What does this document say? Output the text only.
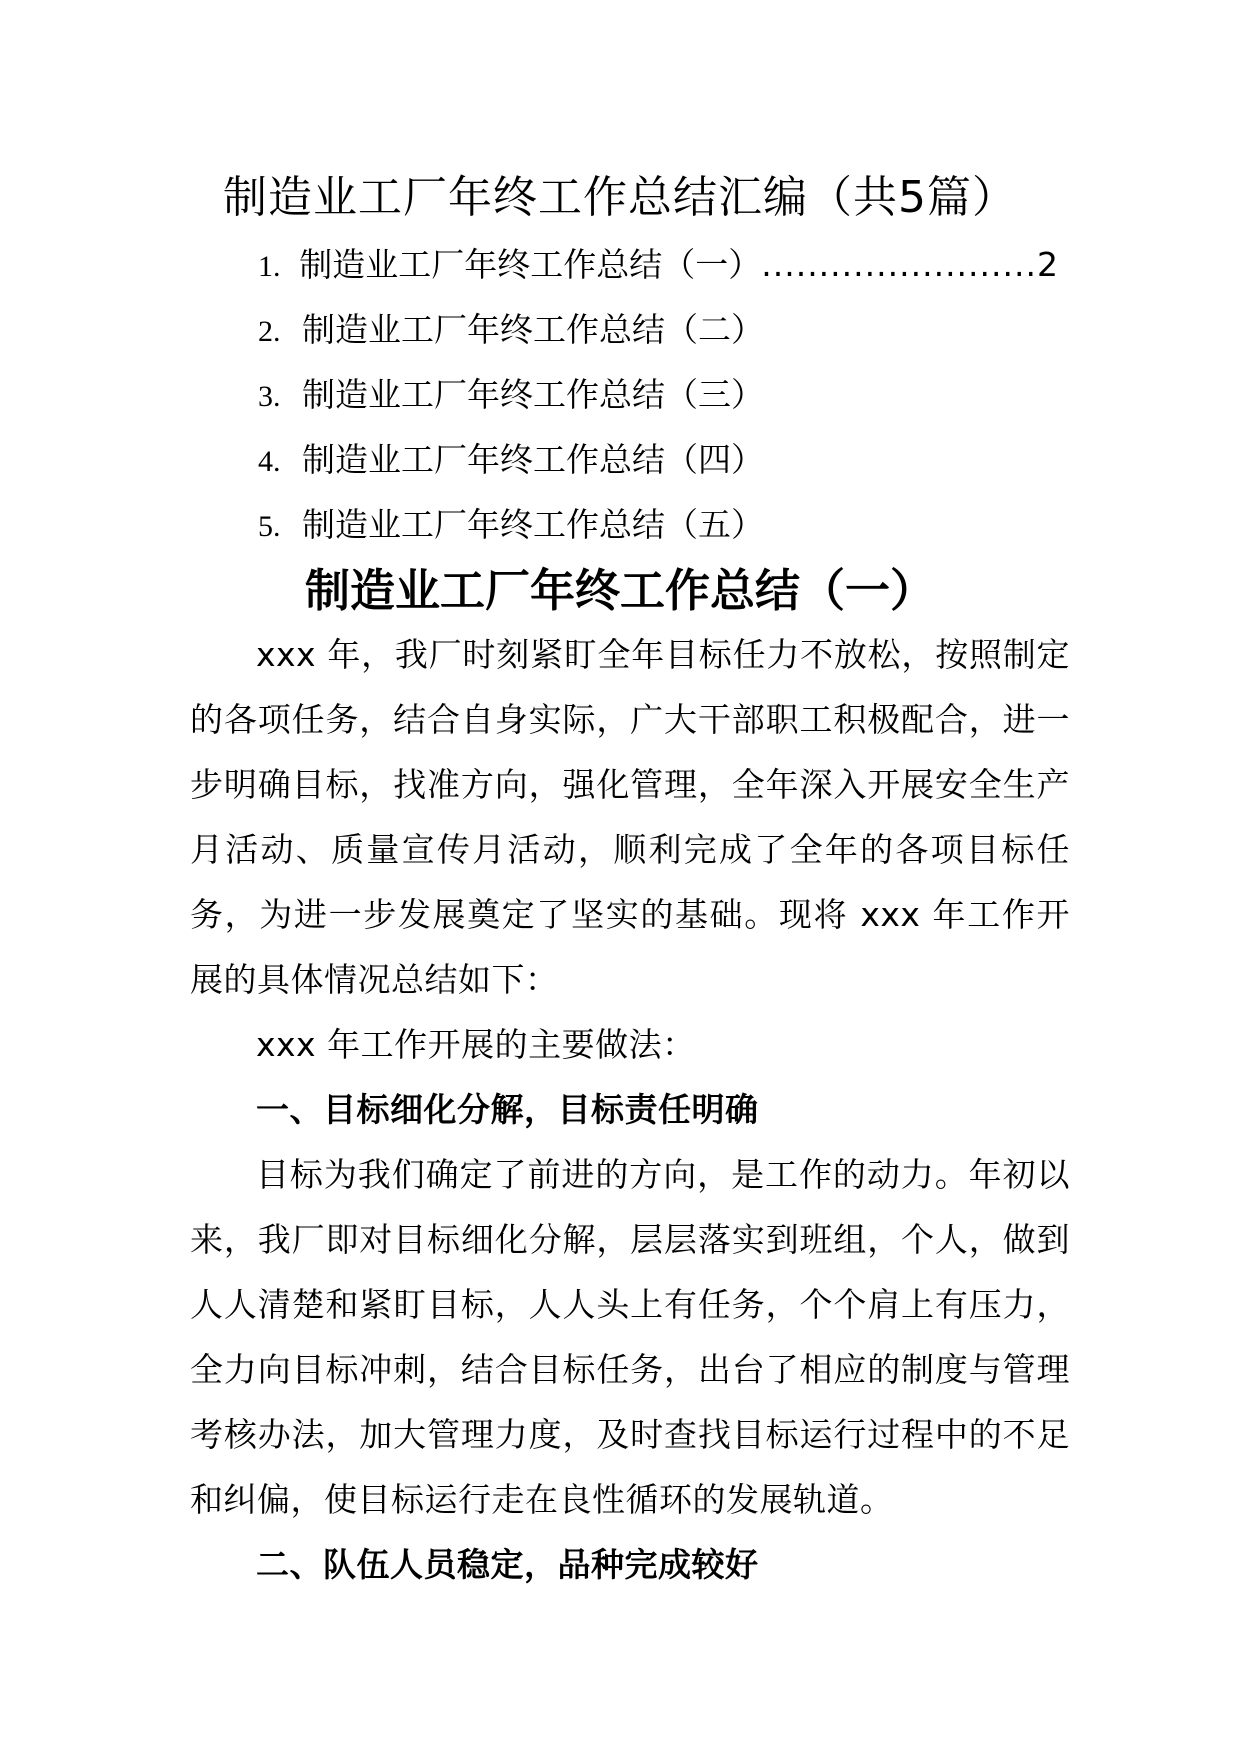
制造业工厂年终工作总结汇编（共5篇）
1. 制造业工厂年终工作总结（一） ........................ 2
2. 制造业工厂年终工作总结（二）
3. 制造业工厂年终工作总结（三）
4. 制造业工厂年终工作总结（四）
5. 制造业工厂年终工作总结（五）
制造业工厂年终工作总结（一）

xxx 年，我厂时刻紧盯全年目标任力不放松，按照制定的各项任务，结合自身实际，广大干部职工积极配合，进一步明确目标，找准方向，强化管理，全年深入开展安全生产月活动、质量宣传月活动，顺利完成了全年的各项目标任务，为进一步发展奠定了坚实的基础。现将 xxx 年工作开展的具体情况总结如下：

xxx 年工作开展的主要做法：

一、目标细化分解，目标责任明确

目标为我们确定了前进的方向，是工作的动力。年初以来，我厂即对目标细化分解，层层落实到班组，个人，做到人人清楚和紧盯目标，人人头上有任务，个个肩上有压力，全力向目标冲刺，结合目标任务，出台了相应的制度与管理考核办法，加大管理力度，及时查找目标运行过程中的不足和纠偏，使目标运行走在良性循环的发展轨道。

二、队伍人员稳定，品种完成较好
